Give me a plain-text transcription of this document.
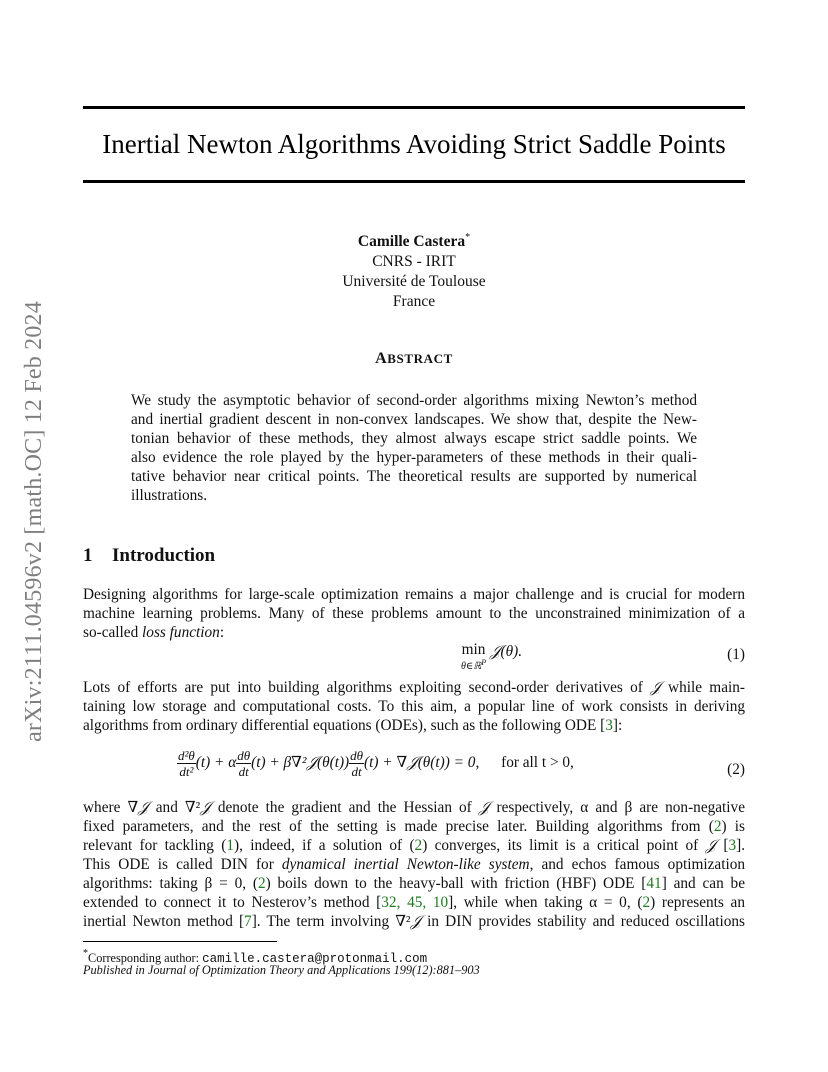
arXiv:2111.04596v2 [math.OC] 12 Feb 2024
Inertial Newton Algorithms Avoiding Strict Saddle Points
Camille Castera*
CNRS - IRIT
Université de Toulouse
France
ABSTRACT
We study the asymptotic behavior of second-order algorithms mixing Newton’s method
and inertial gradient descent in non-convex landscapes. We show that, despite the New-
tonian behavior of these methods, they almost always escape strict saddle points. We
also evidence the role played by the hyper-parameters of these methods in their quali-
tative behavior near critical points. The theoretical results are supported by numerical
illustrations.
1 Introduction
Designing algorithms for large-scale optimization remains a major challenge and is crucial for modern
machine learning problems. Many of these problems amount to the unconstrained minimization of a
so-called loss function:
min
θ∈ℝ$^P$
𝒥(θ).	(1)
Lots of efforts are put into building algorithms exploiting second-order derivatives of 𝒥 while main-
taining low storage and computational costs. To this aim, a popular line of work consists in deriving
algorithms from ordinary differential equations (ODEs), such as the following ODE [3]:
$\frac{\text{d²θ}}{\text{dt²}} (t) + \alpha \frac{d\theta}{dt} (t)$ + β∇²𝒥(θ(t)) $\frac{d\theta}{dt} (t)$ + ∇𝒥(θ(t)) = 0, for all t > 0,	(2)
where ∇𝒥 and ∇²𝒥 denote the gradient and the Hessian of 𝒥 respectively, α and β are non-negative
fixed parameters, and the rest of the setting is made precise later. Building algorithms from (2) is
relevant for tackling (1), indeed, if a solution of (2) converges, its limit is a critical point of 𝒥 [3].
This ODE is called DIN for dynamical inertial Newton-like system, and echos famous optimization
algorithms: taking β = 0, (2) boils down to the heavy-ball with friction (HBF) ODE [41] and can be
extended to connect it to Nesterov’s method [32, 45, 10], while when taking α = 0, (2) represents an
inertial Newton method [7]. The term involving ∇²𝒥 in DIN provides stability and reduced oscillations
*Corresponding author: camille.castera@protonmail.com
Published in Journal of Optimization Theory and Applications 199(12):881–903
